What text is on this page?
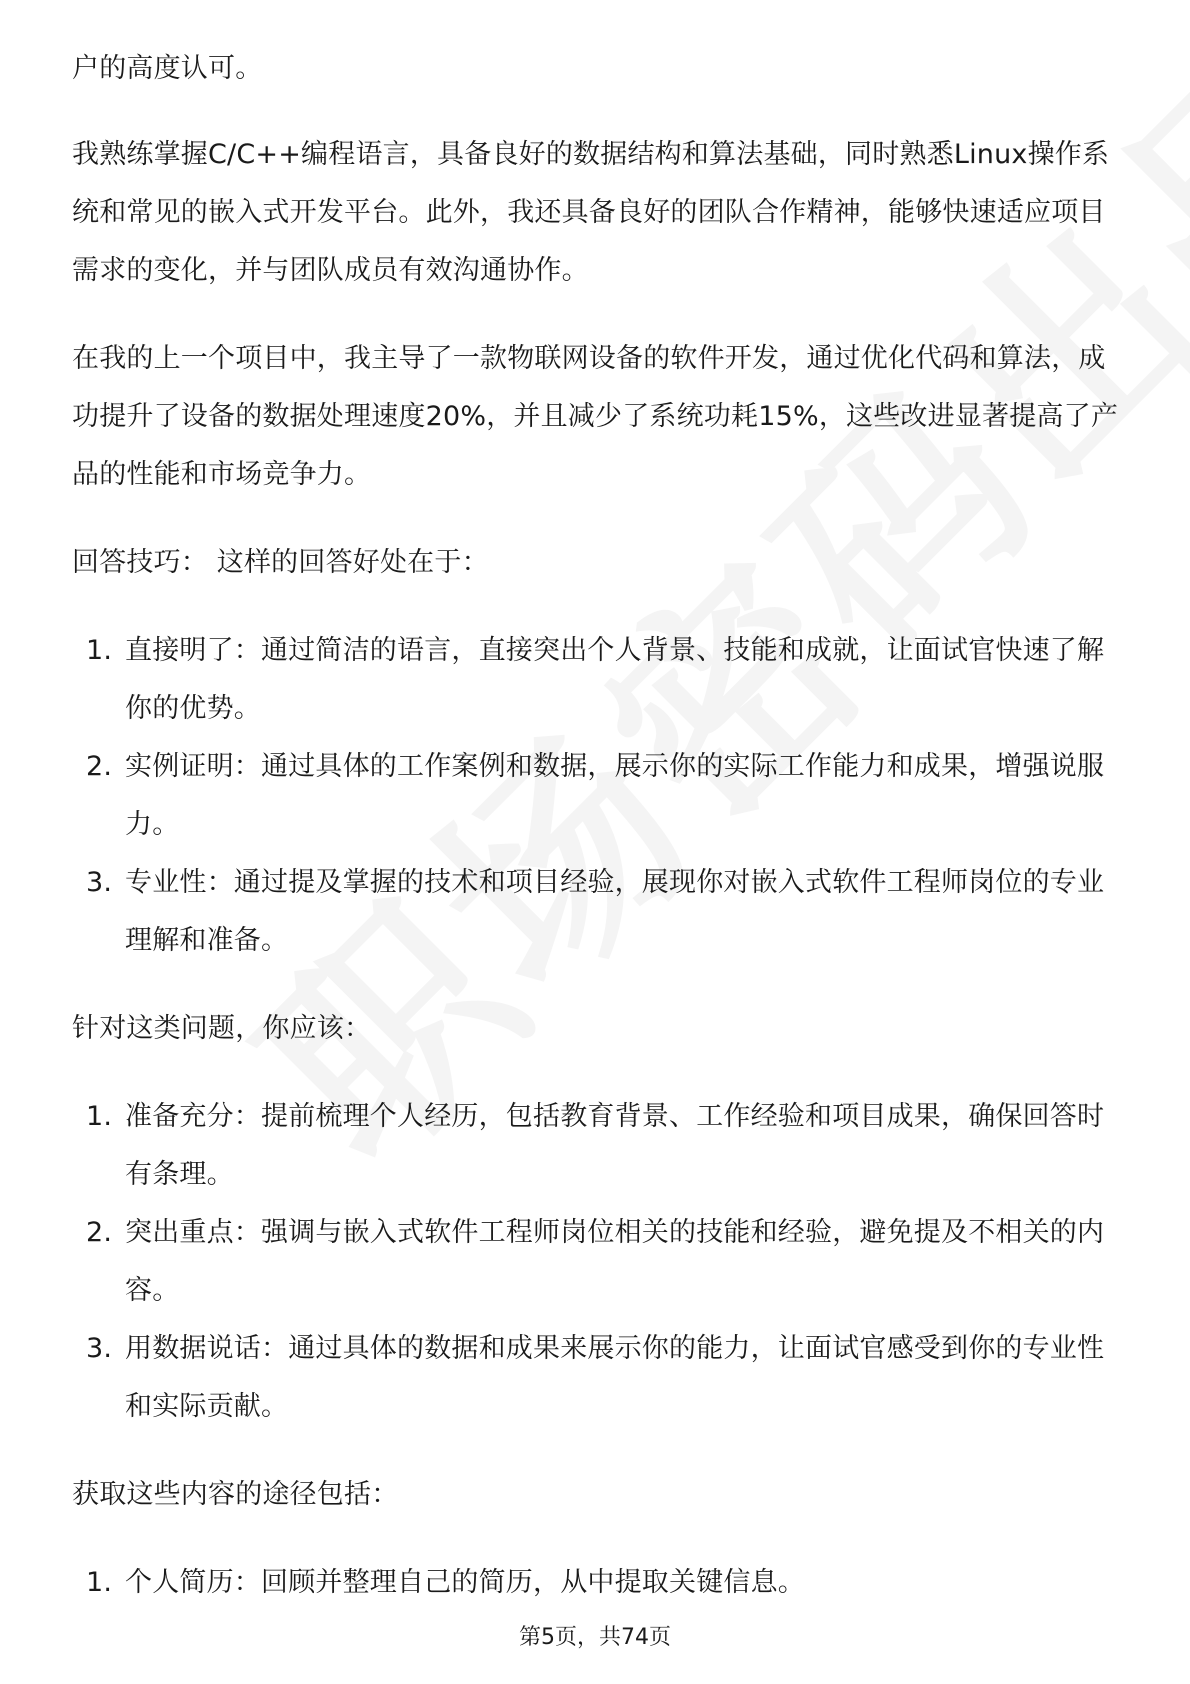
户的高度认可。

我熟练掌握C/C++编程语言，具备良好的数据结构和算法基础，同时熟悉Linux操作系统和常见的嵌入式开发平台。此外，我还具备良好的团队合作精神，能够快速适应项目需求的变化，并与团队成员有效沟通协作。

在我的上一个项目中，我主导了一款物联网设备的软件开发，通过优化代码和算法，成功提升了设备的数据处理速度20%，并且减少了系统功耗15%，这些改进显著提高了产品的性能和市场竞争力。

回答技巧： 这样的回答好处在于：

1. 直接明了：通过简洁的语言，直接突出个人背景、技能和成就，让面试官快速了解你的优势。
2. 实例证明：通过具体的工作案例和数据，展示你的实际工作能力和成果，增强说服力。
3. 专业性：通过提及掌握的技术和项目经验，展现你对嵌入式软件工程师岗位的专业理解和准备。

针对这类问题，你应该：

1. 准备充分：提前梳理个人经历，包括教育背景、工作经验和项目成果，确保回答时有条理。
2. 突出重点：强调与嵌入式软件工程师岗位相关的技能和经验，避免提及不相关的内容。
3. 用数据说话：通过具体的数据和成果来展示你的能力，让面试官感受到你的专业性和实际贡献。

获取这些内容的途径包括：

1. 个人简历：回顾并整理自己的简历，从中提取关键信息。
第5页，共74页
